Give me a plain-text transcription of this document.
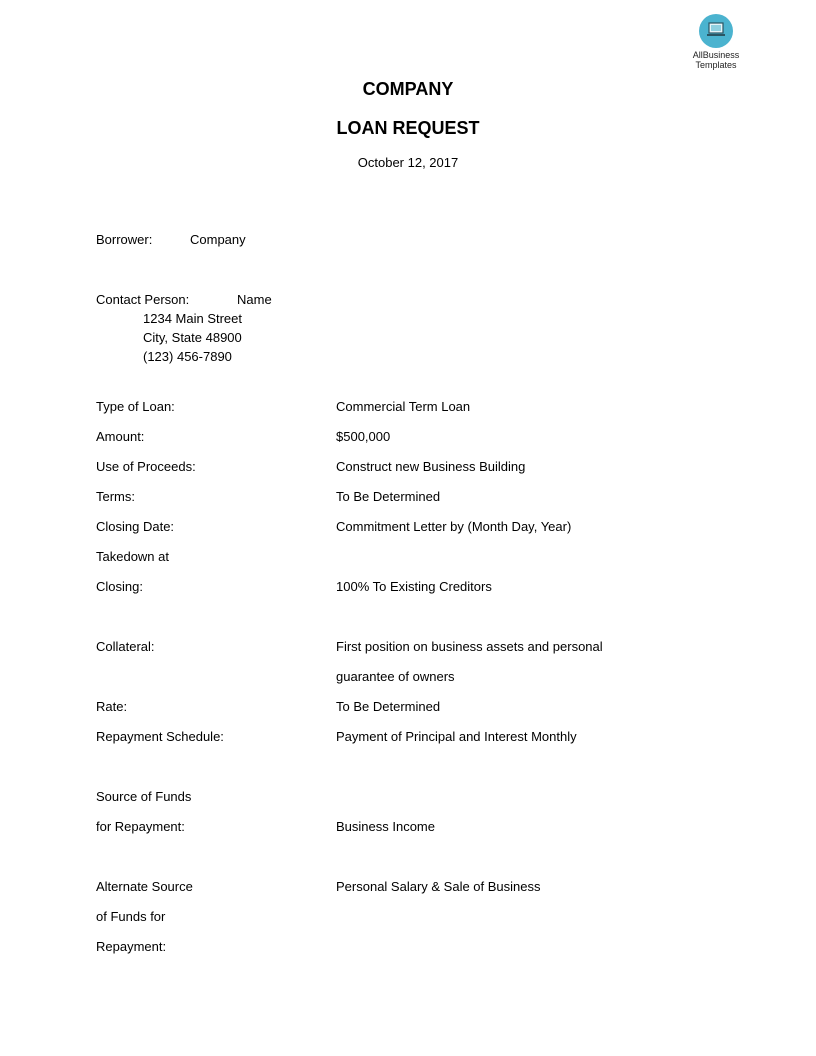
AllBusiness
Templates
COMPANY
LOAN REQUEST
October 12, 2017
Borrower:	Company
Contact Person:	Name
1234 Main Street
City, State 48900
(123) 456-7890
Type of Loan:	Commercial Term Loan
Amount:	$500,000
Use of Proceeds:	Construct new Business Building
Terms:	To Be Determined
Closing Date:	Commitment Letter by (Month Day, Year)
Takedown at
Closing:	100% To Existing Creditors
Collateral:	First position on business assets and personal
guarantee of owners
Rate:	To Be Determined
Repayment Schedule:	Payment of Principal and Interest Monthly
Source of Funds
for Repayment:	Business Income
Alternate Source	Personal Salary & Sale of Business
of Funds for
Repayment:
